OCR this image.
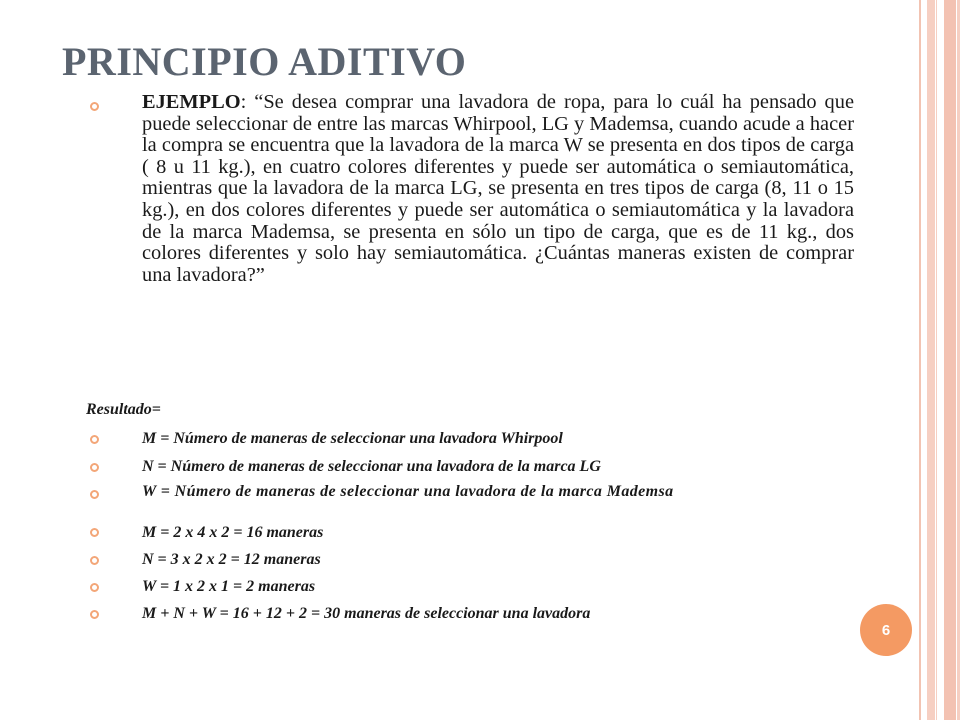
PRINCIPIO ADITIVO

EJEMPLO: “Se desea comprar una lavadora de ropa, para lo cuál ha pensado que puede seleccionar de entre las marcas Whirpool, LG y Mademsa, cuando acude a hacer la compra se encuentra que la lavadora de la marca W se presenta en dos tipos de carga ( 8 u 11 kg.), en cuatro colores diferentes y puede ser automática o semiautomática, mientras que la lavadora de la marca LG, se presenta en tres tipos de carga (8, 11 o 15 kg.), en dos colores diferentes y puede ser automática o semiautomática y la lavadora de la marca Mademsa, se presenta en sólo un tipo de carga, que es de 11 kg., dos colores diferentes y solo hay semiautomática. ¿Cuántas maneras existen de comprar una lavadora?”

Resultado=

M = Número de maneras de seleccionar una lavadora Whirpool

N = Número de maneras de seleccionar una lavadora de la marca LG

W = Número de maneras de seleccionar una lavadora de la marca Mademsa

M = 2 x 4 x 2 = 16 maneras

N = 3 x 2 x 2 = 12 maneras

W = 1 x 2 x 1 = 2 maneras

M + N + W = 16 + 12 + 2 = 30 maneras de seleccionar una lavadora

6
